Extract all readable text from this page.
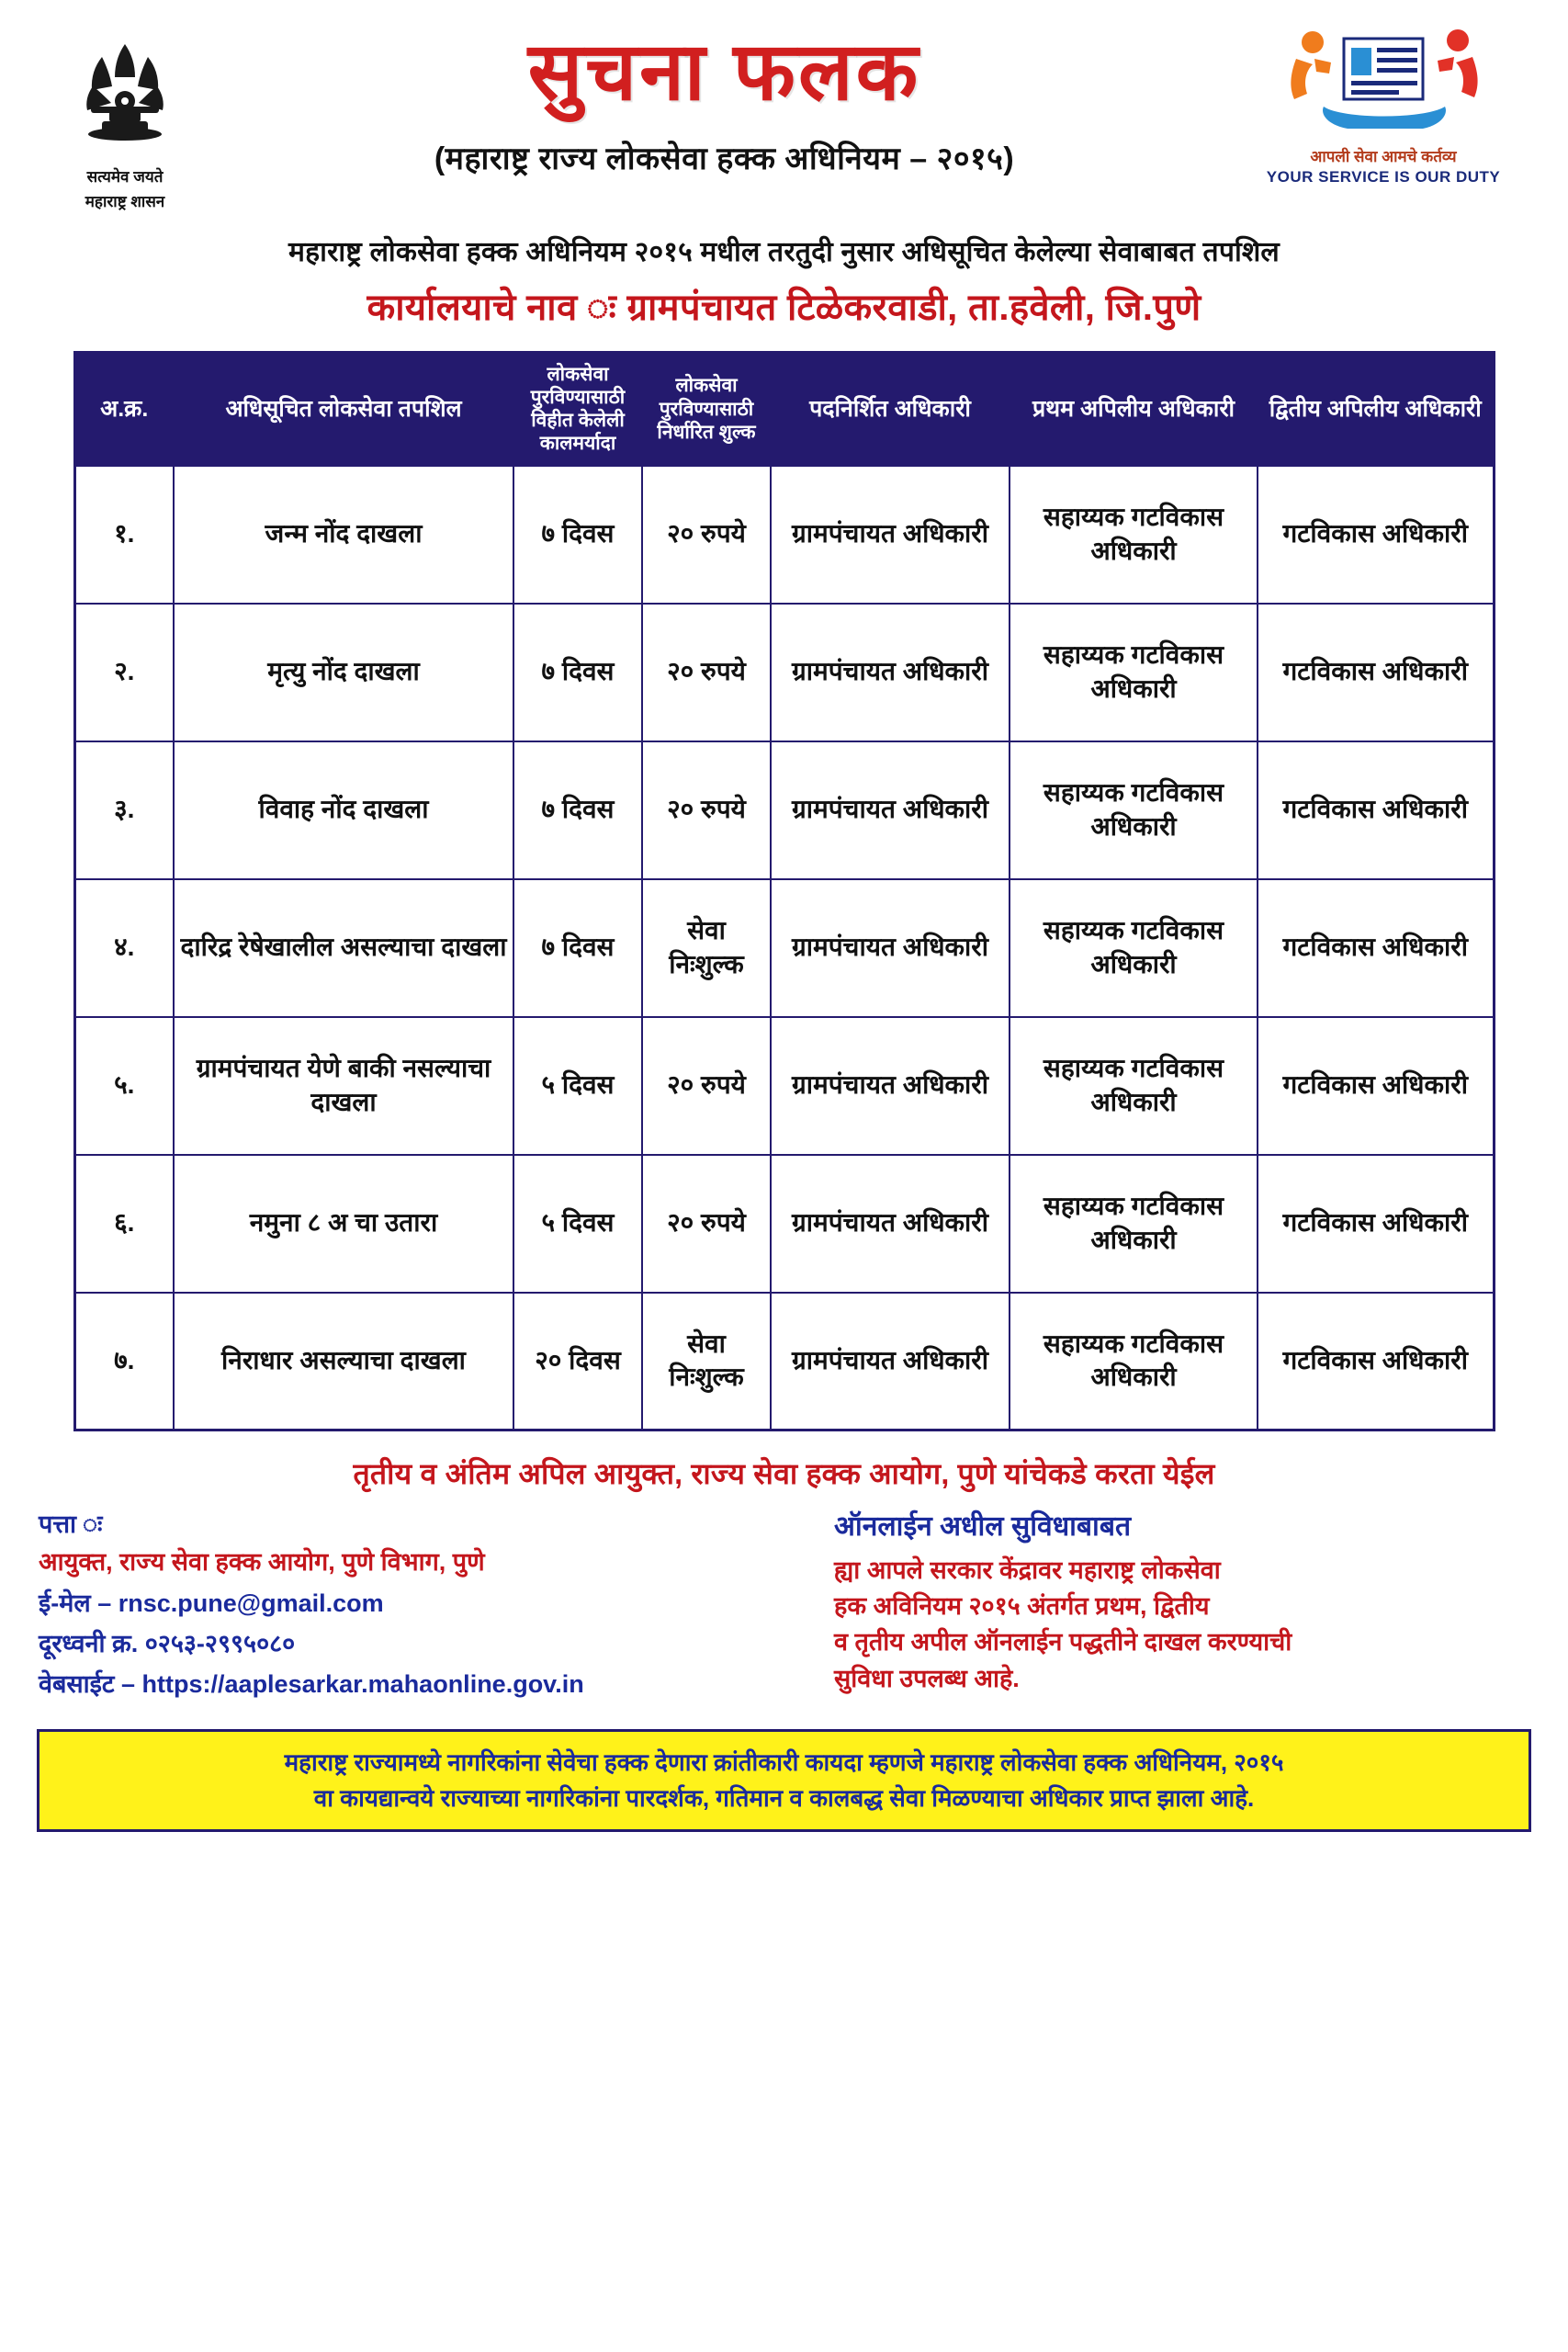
सत्यमेव जयते
महाराष्ट्र शासन
सुचना फलक
(महाराष्ट्र राज्य लोकसेवा हक्क अधिनियम – २०१५)	आपली सेवा आमचे कर्तव्य
YOUR SERVICE IS OUR DUTY
महाराष्ट्र लोकसेवा हक्क अधिनियम २०१५ मधील तरतुदी नुसार अधिसूचित केलेल्या सेवाबाबत तपशिल
कार्यालयाचे नाव ः ग्रामपंचायत टिळेकरवाडी, ता.हवेली, जि.पुणे
अ.क्र.	अधिसूचित लोकसेवा तपशिल	लोकसेवा पुरविण्यासाठी विहीत केलेली कालमर्यादा	लोकसेवा पुरविण्यासाठी निर्धारित शुल्क	पदनिर्शित अधिकारी	प्रथम अपिलीय अधिकारी	द्वितीय अपिलीय अधिकारी
१.	जन्म नोंद दाखला	७ दिवस	२० रुपये	ग्रामपंचायत अधिकारी	सहाय्यक गटविकास अधिकारी	गटविकास अधिकारी
२.	मृत्यु नोंद दाखला	७ दिवस	२० रुपये	ग्रामपंचायत अधिकारी	सहाय्यक गटविकास अधिकारी	गटविकास अधिकारी
३.	विवाह नोंद दाखला	७ दिवस	२० रुपये	ग्रामपंचायत अधिकारी	सहाय्यक गटविकास अधिकारी	गटविकास अधिकारी
४.	दारिद्र रेषेखालील असल्याचा दाखला	७ दिवस	सेवा निःशुल्क	ग्रामपंचायत अधिकारी	सहाय्यक गटविकास अधिकारी	गटविकास अधिकारी
५.	ग्रामपंचायत येणे बाकी नसल्याचा दाखला	५ दिवस	२० रुपये	ग्रामपंचायत अधिकारी	सहाय्यक गटविकास अधिकारी	गटविकास अधिकारी
६.	नमुना ८ अ चा उतारा	५ दिवस	२० रुपये	ग्रामपंचायत अधिकारी	सहाय्यक गटविकास अधिकारी	गटविकास अधिकारी
७.	निराधार असल्याचा दाखला	२० दिवस	सेवा निःशुल्क	ग्रामपंचायत अधिकारी	सहाय्यक गटविकास अधिकारी	गटविकास अधिकारी
तृतीय व अंतिम अपिल आयुक्त, राज्य सेवा हक्क आयोग, पुणे यांचेकडे करता येईल
पत्ता ः
आयुक्त, राज्य सेवा हक्क आयोग, पुणे विभाग, पुणे
ई-मेल – rnsc.pune@gmail.com
दूरध्वनी क्र. ०२५३-२९९५०८०
वेबसाईट – https://aaplesarkar.mahaonline.gov.in
ऑनलाईन अधील सुविधाबाबत
ह्या आपले सरकार केंद्रावर महाराष्ट्र लोकसेवा
हक अविनियम २०१५ अंतर्गत प्रथम, द्वितीय
व तृतीय अपील ऑनलाईन पद्धतीने दाखल करण्याची
सुविधा उपलब्ध आहे.
महाराष्ट्र राज्यामध्ये नागरिकांना सेवेचा हक्क देणारा क्रांतीकारी कायदा म्हणजे महाराष्ट्र लोकसेवा हक्क अधिनियम, २०१५
वा कायद्यान्वये राज्याच्या नागरिकांना पारदर्शक, गतिमान व कालबद्ध सेवा मिळण्याचा अधिकार प्राप्त झाला आहे.
